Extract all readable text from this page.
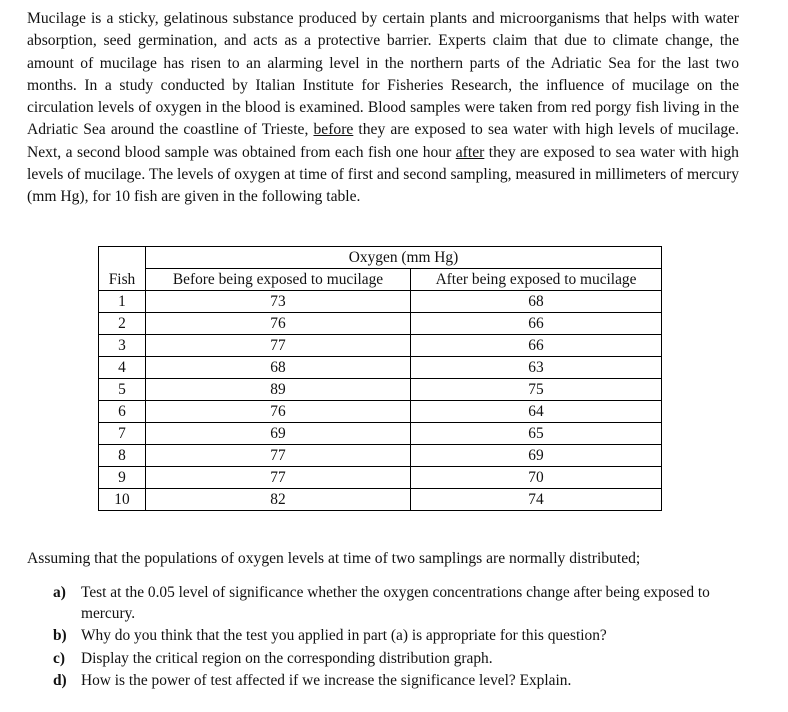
Mucilage is a sticky, gelatinous substance produced by certain plants and microorganisms that helps with water absorption, seed germination, and acts as a protective barrier. Experts claim that due to climate change, the amount of mucilage has risen to an alarming level in the northern parts of the Adriatic Sea for the last two months. In a study conducted by Italian Institute for Fisheries Research, the influence of mucilage on the circulation levels of oxygen in the blood is examined. Blood samples were taken from red porgy fish living in the Adriatic Sea around the coastline of Trieste, before they are exposed to sea water with high levels of mucilage. Next, a second blood sample was obtained from each fish one hour after they are exposed to sea water with high levels of mucilage. The levels of oxygen at time of first and second sampling, measured in millimeters of mercury (mm Hg), for 10 fish are given in the following table.

	Oxygen (mm Hg)	
Fish	Before being exposed to mucilage	After being exposed to mucilage
1	73	68
2	76	66
3	77	66
4	68	63
5	89	75
6	76	64
7	69	65
8	77	69
9	77	70
10	82	74

Assuming that the populations of oxygen levels at time of two samplings are normally distributed;

a) Test at the 0.05 level of significance whether the oxygen concentrations change after being exposed to mercury.
b) Why do you think that the test you applied in part (a) is appropriate for this question?
c) Display the critical region on the corresponding distribution graph.
d) How is the power of test affected if we increase the significance level? Explain.
